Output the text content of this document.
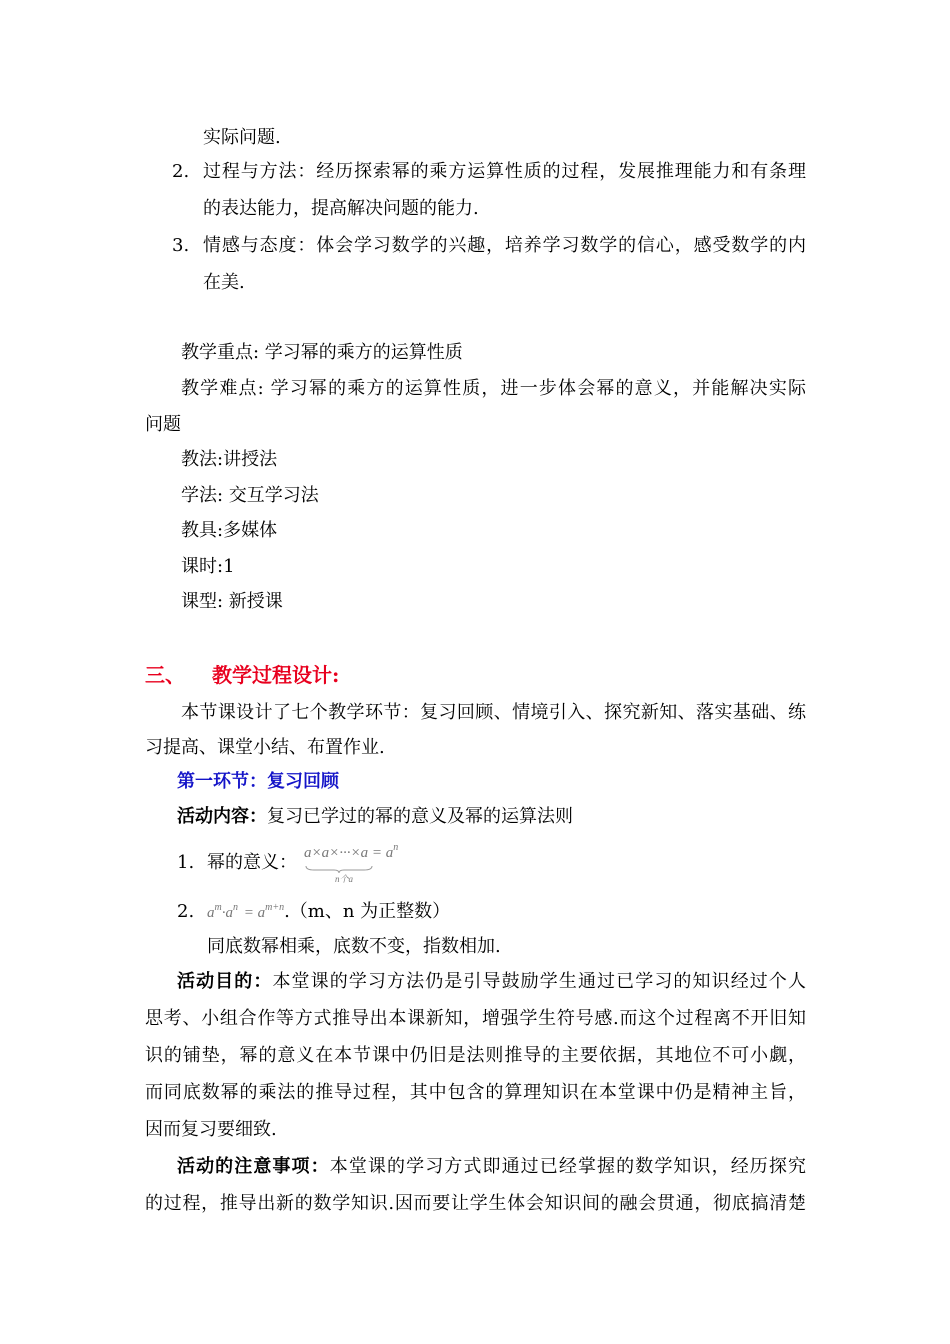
实际问题.
2. 过程与方法：经历探索幂的乘方运算性质的过程，发展推理能力和有条理
的表达能力，提高解决问题的能力.
3. 情感与态度：体会学习数学的兴趣，培养学习数学的信心，感受数学的内
在美.
教学重点: 学习幂的乘方的运算性质
教学难点: 学习幂的乘方的运算性质，进一步体会幂的意义，并能解决实际
问题
教法:讲授法
学法: 交互学习法
教具:多媒体
课时:1
课型: 新授课
三、 教学过程设计:
本节课设计了七个教学环节：复习回顾、情境引入、探究新知、落实基础、练
习提高、课堂小结、布置作业.
第一环节：复习回顾
活动内容：复习已学过的幂的意义及幂的运算法则
1. 幂的意义： $a\times a\times\cdot\cdot\cdot\times a = a^n$
n个a
2. $a^m\cdot a^n = a^{m+n}.(m$、n 为正整数）
同底数幂相乘，底数不变，指数相加.
活动目的：本堂课的学习方法仍是引导鼓励学生通过已学习的知识经过个人
思考、小组合作等方式推导出本课新知，增强学生符号感.而这个过程离不开旧知
识的铺垫，幂的意义在本节课中仍旧是法则推导的主要依据，其地位不可小觑，
而同底数幂的乘法的推导过程，其中包含的算理知识在本堂课中仍是精神主旨，
因而复习要细致.
活动的注意事项：本堂课的学习方式即通过已经掌握的数学知识，经历探究
的过程，推导出新的数学知识.因而要让学生体会知识间的融会贯通，彻底搞清楚
